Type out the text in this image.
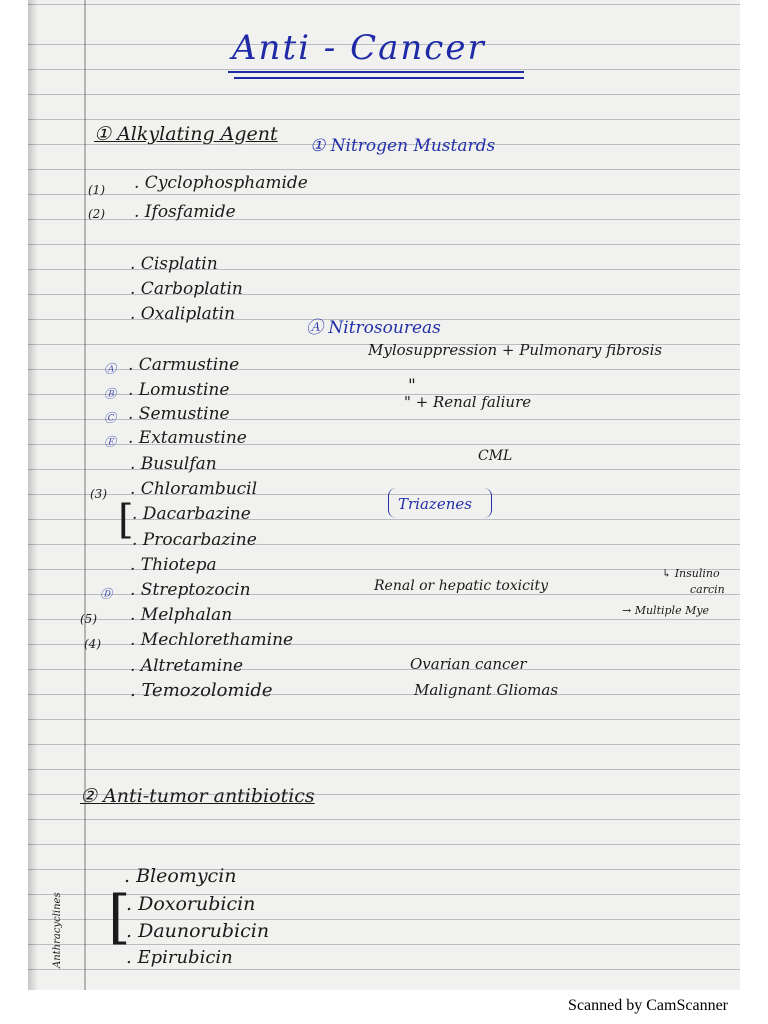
Anti - Cancer
① Alkylating Agent
① Nitrogen Mustards
(1) . Cyclophosphamide
(2) . Ifosfamide
. Cisplatin
. Carboplatin
. Oxaliplatin
Ⓐ Nitrosoureas
Ⓐ . Carmustine
Mylosuppression + Pulmonary fibrosis
Ⓑ . Lomustine	"
Ⓒ . Semustine
" + Renal faliure
Ⓔ . Extamustine
. Busulfan	CML
(3) . Chlorambucil
[
. Dacarbazine	Triazenes
. Procarbazine
. Thiotepa
Ⓓ . Streptozocin	Renal or hepatic toxicity
↳ Insulino
carcin
→ Multiple Mye
(5) . Melphalan
(4) . Mechlorethamine
. Altretamine	Ovarian cancer
. Temozolomide	Malignant Gliomas
② Anti-tumor antibiotics
. Bleomycin
[
. Doxorubicin
. Daunorubicin
. Epirubicin
Anthracyclines
Scanned by CamScanner
